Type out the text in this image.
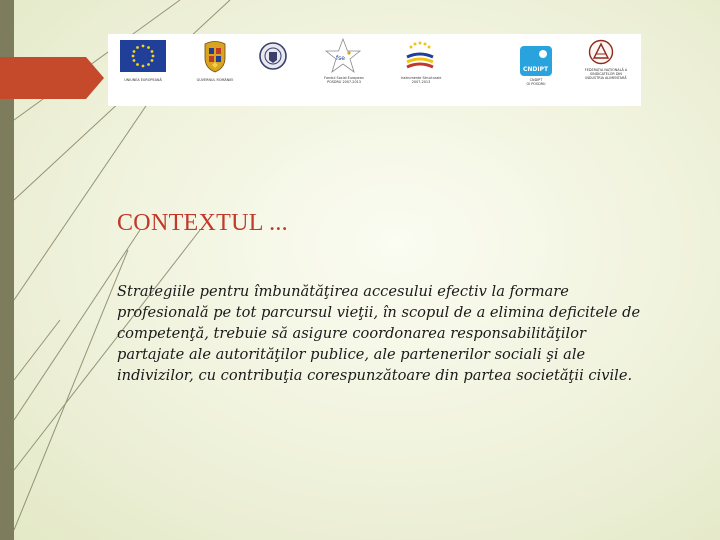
UNIUNEA EUROPEANĂ	GUVERNUL ROMÂNIEI
fse
Fondul Social European
POSDRU 2007-2013
Instrumente Structurale
2007-2013
CNDIPT
CNDIPT
OI POSDRU
FEDERAȚIA NAȚIONALĂ A
SINDICATELOR DIN
INDUSTRIA ALIMENTARĂ
CONTEXTUL ...
Strategiile pentru îmbunătăţirea accesului efectiv la formare
profesională pe tot parcursul vieţii, în scopul de a elimina deficitele de
competenţă, trebuie să asigure coordonarea responsabilităţilor
partajate ale autorităţilor publice, ale partenerilor sociali şi ale
indivizilor, cu contribuţia corespunzătoare din partea societăţii civile.
